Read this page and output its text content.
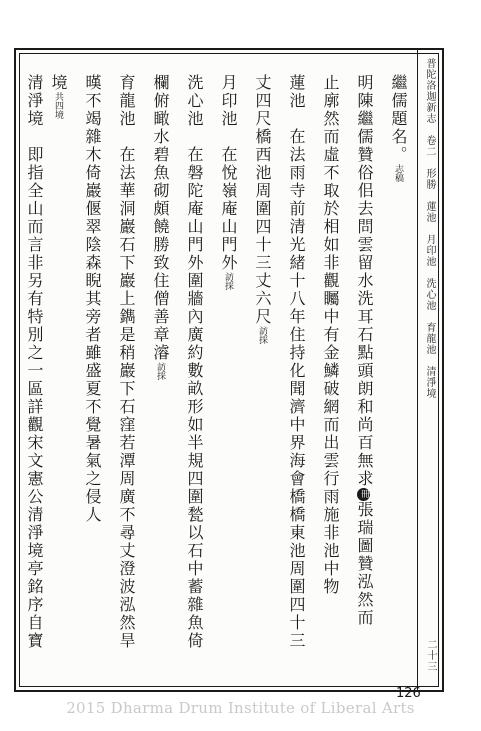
普陀洛迦新志　卷二　形勝　蓮池　月印池　洗心池　育龍池　清淨境
二十三
繼儒題名。志稿
明陳繼儒贊俗佀去問雲留水洗耳石點頭朗和尚百無求冊張瑞圖贊泓然而
止廓然而虛不取於相如非觀矚中有金鱗破網而出雲行雨施非池中物
蓮池　在法雨寺前清光緒十八年住持化聞濟中界海會橋橋東池周圍四十三
丈四尺橋西池周圍四十三丈六尺訪採
月印池　在悅嶺庵山門外訪採
洗心池　在磐陀庵山門外圍牆內廣約數畝形如半規四圍甃以石中蓄雜魚倚
欄俯瞰水碧魚砌頗饒勝致住僧善章濬訪採
育龍池　在法華洞巖石下巖上鐫是稍巖下石窪若潭周廣不尋丈澄波泓然旱
暵不竭雜木倚巖偃翠陰森睨其旁者雖盛夏不覺暑氣之侵人
境共四境
清淨境　即指全山而言非另有特別之一區詳觀宋文憲公清淨境亭銘序自寶
126
2015 Dharma Drum Institute of Liberal Arts
